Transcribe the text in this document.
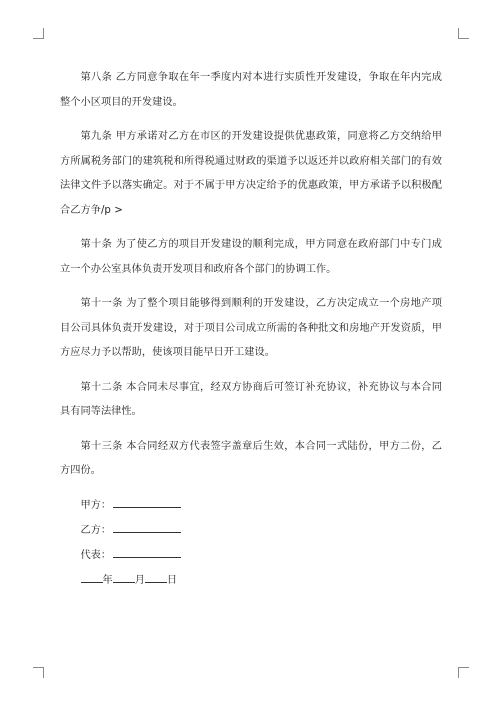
第八条 乙方同意争取在年一季度内对本进行实质性开发建设，争取在年内完成整个小区项目的开发建设。

第九条 甲方承诺对乙方在市区的开发建设提供优惠政策，同意将乙方交纳给甲方所属税务部门的建筑税和所得税通过财政的渠道予以返还并以政府相关部门的有效法律文件予以落实确定。对于不属于甲方决定给予的优惠政策，甲方承诺予以积极配合乙方争/p >

第十条 为了使乙方的项目开发建设的顺利完成，甲方同意在政府部门中专门成立一个办公室具体负责开发项目和政府各个部门的协调工作。

第十一条 为了整个项目能够得到顺利的开发建设，乙方决定成立一个房地产项目公司具体负责开发建设，对于项目公司成立所需的各种批文和房地产开发资质，甲方应尽力予以帮助，使该项目能早日开工建设。

第十二条 本合同未尽事宜，经双方协商后可签订补充协议，补充协议与本合同具有同等法律性。

第十三条 本合同经双方代表签字盖章后生效，本合同一式陆份，甲方二份，乙方四份。

甲方：
乙方：
代表：
年 月 日
